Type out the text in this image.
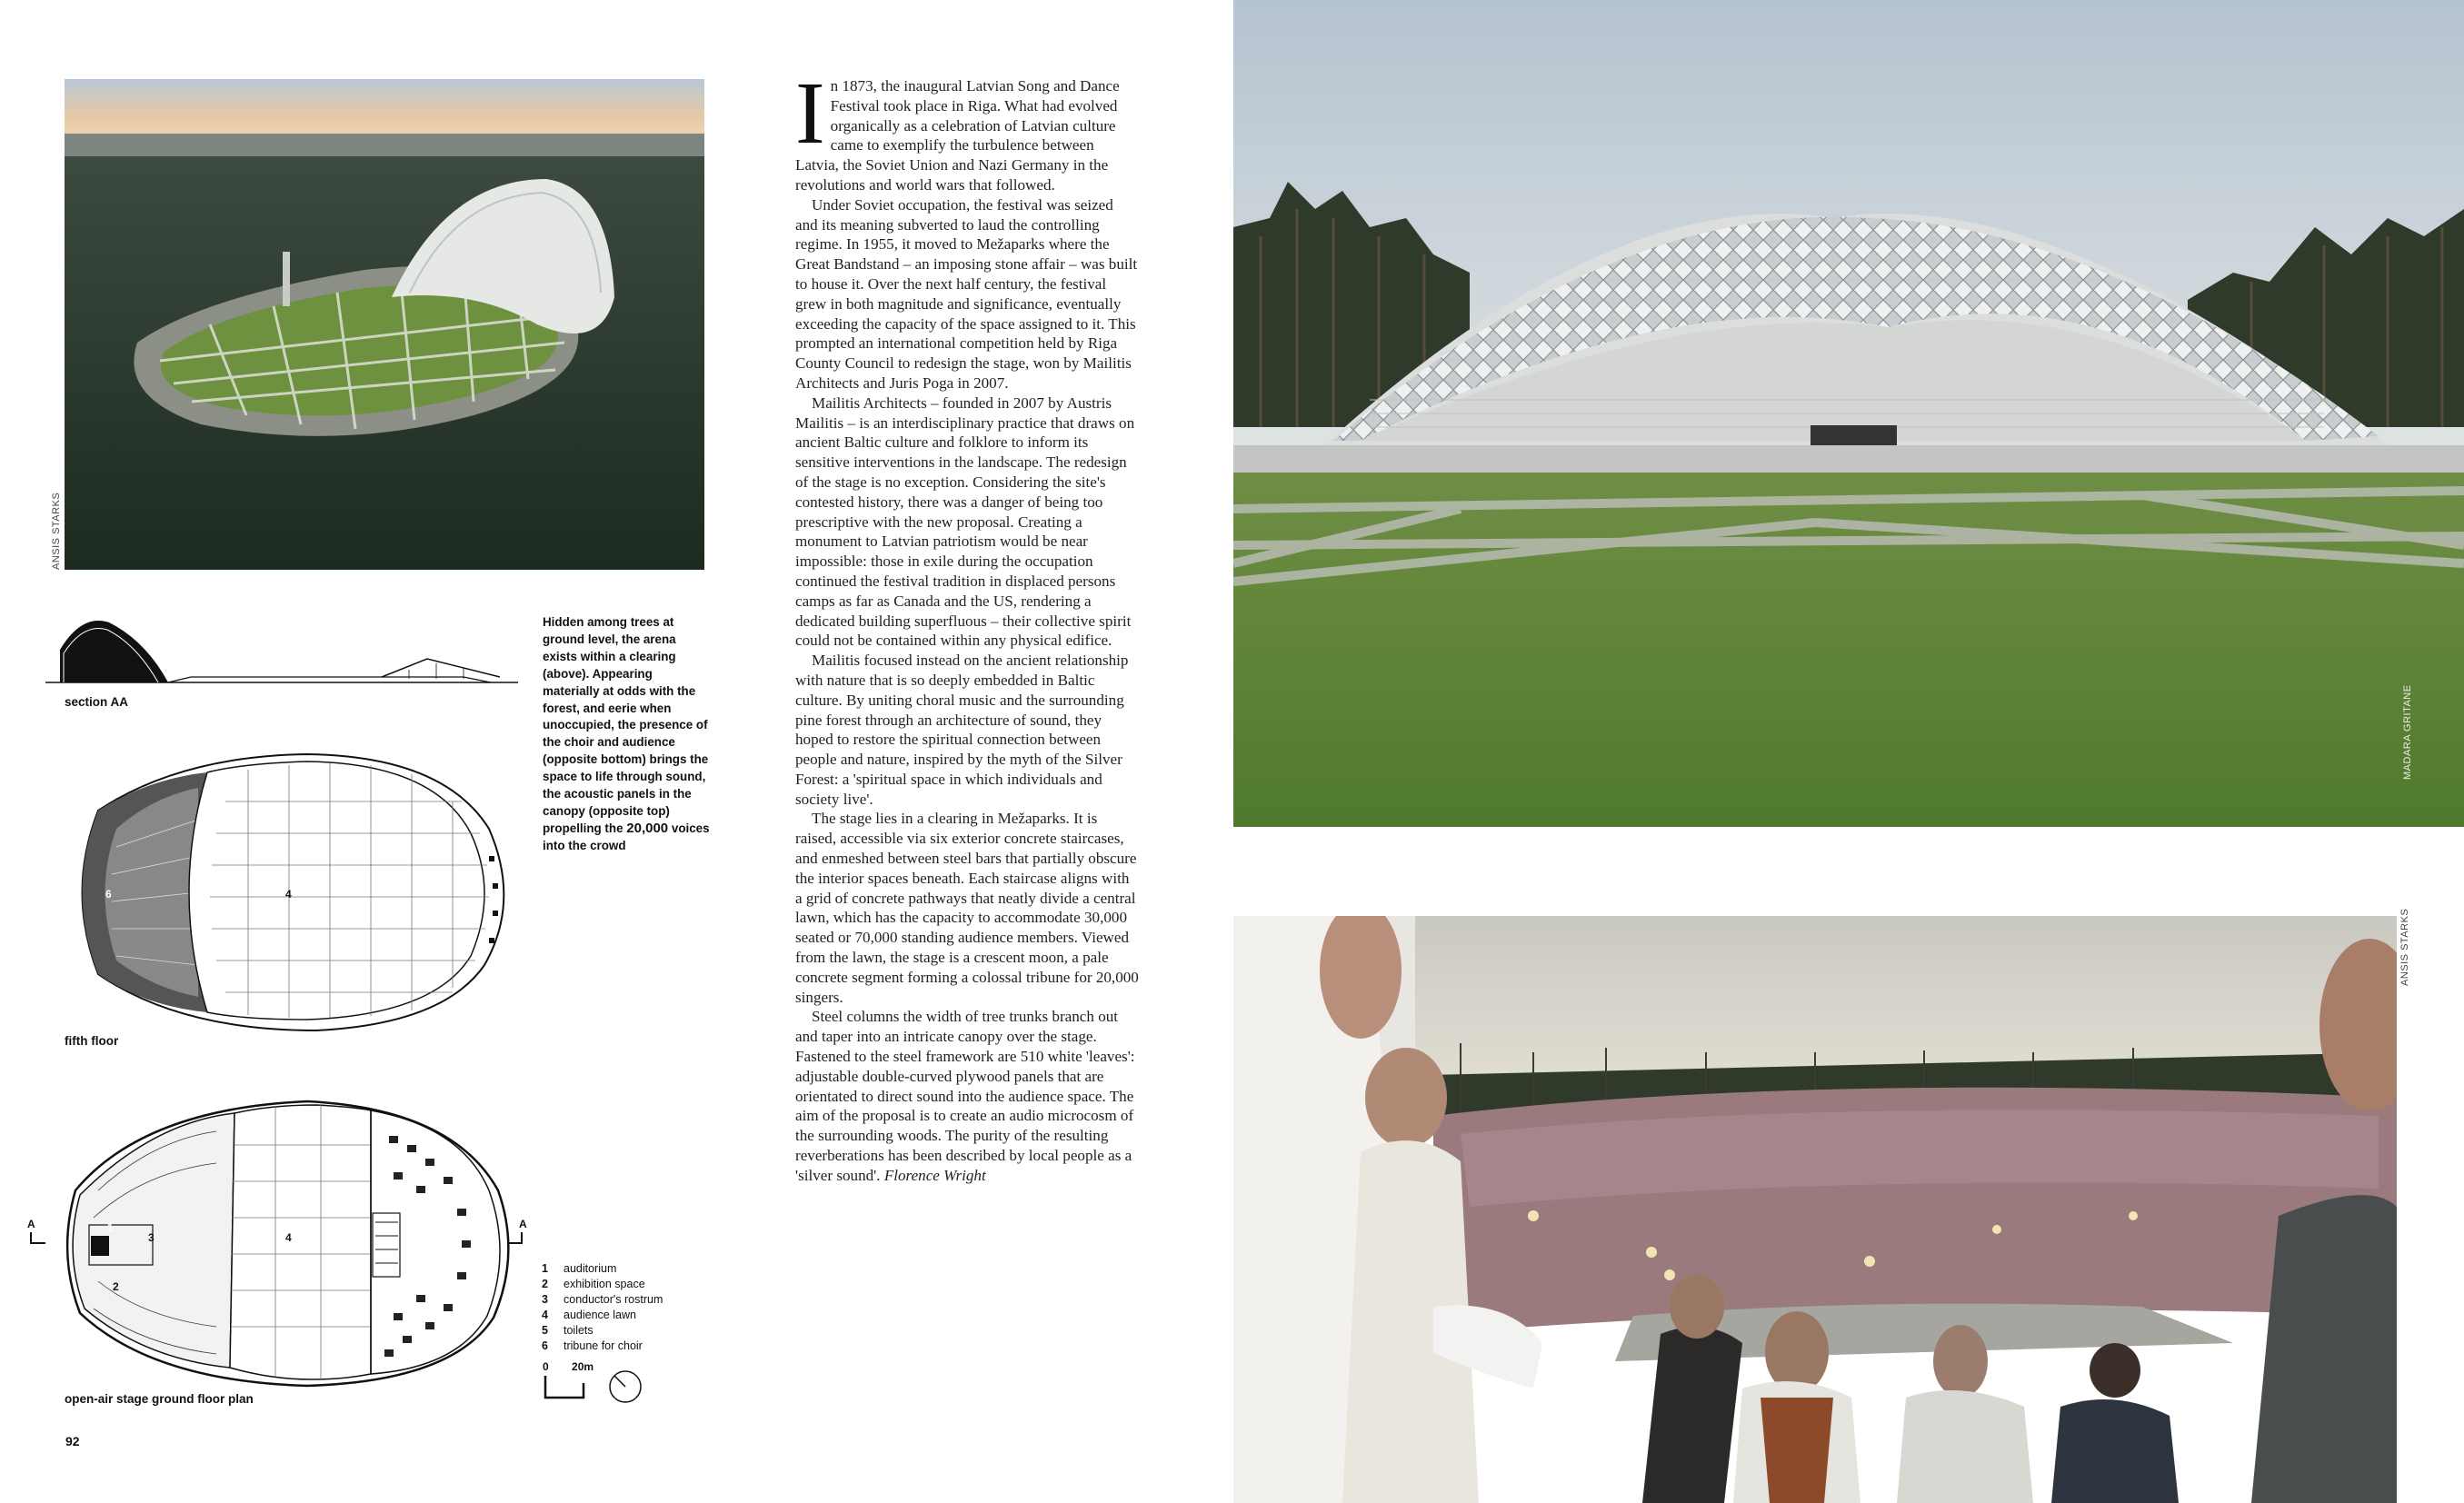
ANSIS STARKS
section AA
Hidden among trees at ground level, the arena exists within a clearing (above). Appearing materially at odds with the forest, and eerie when unoccupied, the presence of the choir and audience (opposite bottom) brings the space to life through sound, the acoustic panels in the canopy (opposite top) propelling the 20,000 voices into the crowd
4
6
fifth floor
3
2
1
4
A	A
1	auditorium
2	exhibition space
3	conductor's rostrum
4	audience lawn
5	toilets
6	tribune for choir
0 20m
open-air stage ground floor plan
92

In 1873, the inaugural Latvian Song and Dance Festival took place in Riga. What had evolved organically as a celebration of Latvian culture came to exemplify the turbulence between Latvia, the Soviet Union and Nazi Germany in the revolutions and world wars that followed.

Under Soviet occupation, the festival was seized and its meaning subverted to laud the controlling regime. In 1955, it moved to Mežaparks where the Great Bandstand – an imposing stone affair – was built to house it. Over the next half century, the festival grew in both magnitude and significance, eventually exceeding the capacity of the space assigned to it. This prompted an international competition held by Riga County Council to redesign the stage, won by Mailitis Architects and Juris Poga in 2007.

Mailitis Architects – founded in 2007 by Austris Mailitis – is an interdisciplinary practice that draws on ancient Baltic culture and folklore to inform its sensitive interventions in the landscape. The redesign of the stage is no exception. Considering the site's contested history, there was a danger of being too prescriptive with the new proposal. Creating a monument to Latvian patriotism would be near impossible: those in exile during the occupation continued the festival tradition in displaced persons camps as far as Canada and the US, rendering a dedicated building superfluous – their collective spirit could not be contained within any physical edifice.

Mailitis focused instead on the ancient relationship with nature that is so deeply embedded in Baltic culture. By uniting choral music and the surrounding pine forest through an architecture of sound, they hoped to restore the spiritual connection between people and nature, inspired by the myth of the Silver Forest: a 'spiritual space in which individuals and society live'.

The stage lies in a clearing in Mežaparks. It is raised, accessible via six exterior concrete staircases, and enmeshed between steel bars that partially obscure the interior spaces beneath. Each staircase aligns with a grid of concrete pathways that neatly divide a central lawn, which has the capacity to accommodate 30,000 seated or 70,000 standing audience members. Viewed from the lawn, the stage is a crescent moon, a pale concrete segment forming a colossal tribune for 20,000 singers.

Steel columns the width of tree trunks branch out and taper into an intricate canopy over the stage. Fastened to the steel framework are 510 white 'leaves': adjustable double-curved plywood panels that are orientated to direct sound into the audience space. The aim of the proposal is to create an audio microcosm of the surrounding woods. The purity of the resulting reverberations has been described by local people as a 'silver sound'. Florence Wright

MADARA GRITANE
ANSIS STARKS
